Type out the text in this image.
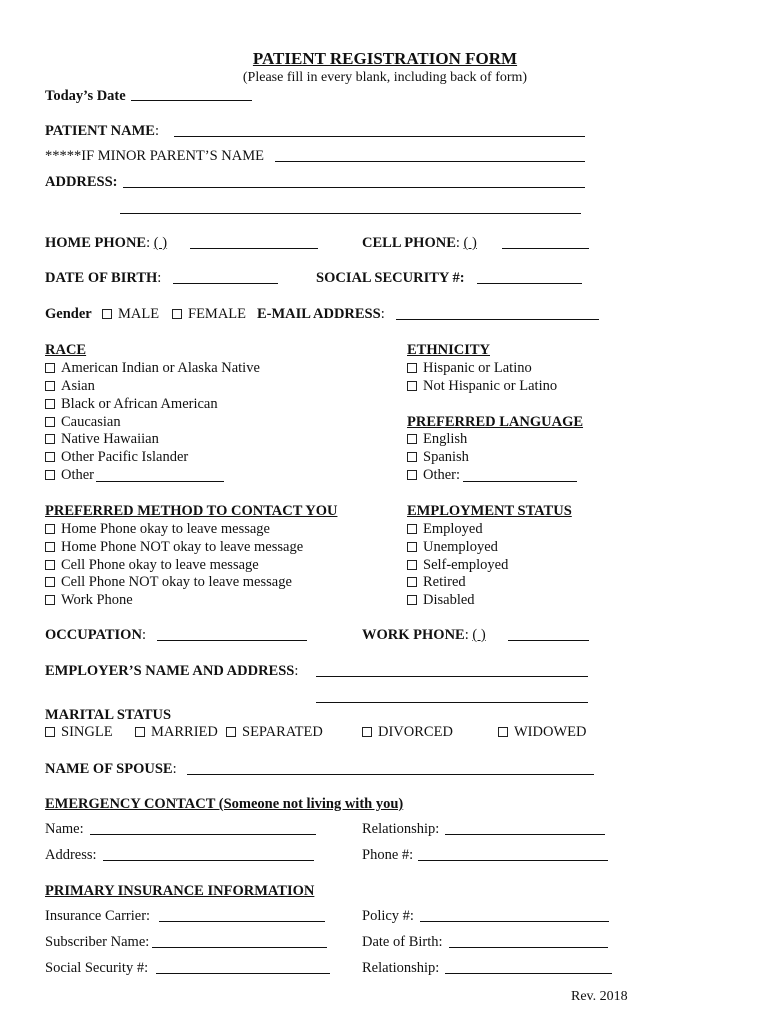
PATIENT REGISTRATION FORM
(Please fill in every blank, including back of form)
Today’s Date
PATIENT NAME:
*****IF MINOR PARENT’S NAME
ADDRESS:
HOME PHONE: ( )	CELL PHONE: ( )
DATE OF BIRTH:	SOCIAL SECURITY #:
Gender MALE FEMALE E-MAIL ADDRESS:
RACE
American Indian or Alaska Native
Asian
Black or African American
Caucasian
Native Hawaiian
Other Pacific Islander
Other
ETHNICITY
Hispanic or Latino
Not Hispanic or Latino
PREFERRED LANGUAGE
English
Spanish
Other:
PREFERRED METHOD TO CONTACT YOU
Home Phone okay to leave message
Home Phone NOT okay to leave message
Cell Phone okay to leave message
Cell Phone NOT okay to leave message
Work Phone
EMPLOYMENT STATUS
Employed
Unemployed
Self-employed
Retired
Disabled
OCCUPATION:	WORK PHONE: ( )
EMPLOYER’S NAME AND ADDRESS:
MARITAL STATUS
SINGLE	MARRIED SEPARATED	DIVORCED	WIDOWED
NAME OF SPOUSE:
EMERGENCY CONTACT (Someone not living with you)
Name:	Relationship:
Address:	Phone #:
PRIMARY INSURANCE INFORMATION
Insurance Carrier:	Policy #:
Subscriber Name:	Date of Birth:
Social Security #:	Relationship:
Rev. 2018
